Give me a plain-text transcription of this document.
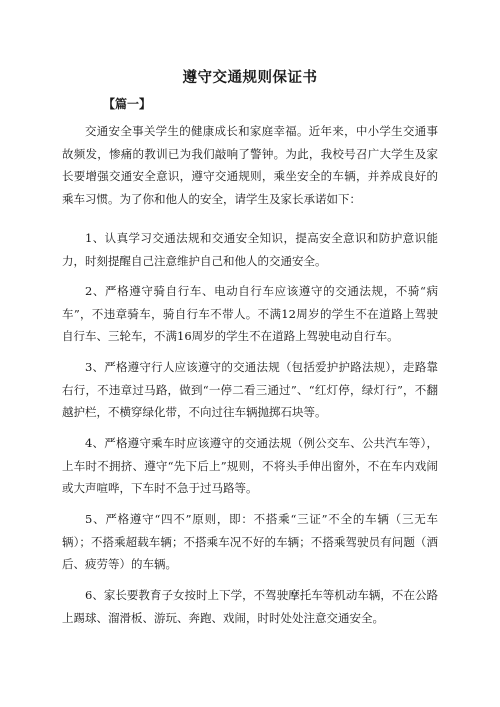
遵守交通规则保证书
【篇一】

交通安全事关学生的健康成长和家庭幸福。近年来，中小学生交通事故频发，惨痛的教训已为我们敲响了警钟。为此，我校号召广大学生及家长要增强交通安全意识，遵守交通规则，乘坐安全的车辆，并养成良好的乘车习惯。为了你和他人的安全，请学生及家长承诺如下：

1、认真学习交通法规和交通安全知识，提高安全意识和防护意识能力，时刻提醒自己注意维护自己和他人的交通安全。

2、严格遵守骑自行车、电动自行车应该遵守的交通法规，不骑“病车”，不违章骑车，骑自行车不带人。不满12周岁的学生不在道路上驾驶自行车、三轮车，不满16周岁的学生不在道路上驾驶电动自行车。

3、严格遵守行人应该遵守的交通法规（包括爱护护路法规），走路靠右行，不违章过马路，做到“一停二看三通过”、“红灯停，绿灯行”，不翻越护栏，不横穿绿化带，不向过往车辆抛掷石块等。

4、严格遵守乘车时应该遵守的交通法规（例公交车、公共汽车等），上车时不拥挤、遵守“先下后上”规则，不将头手伸出窗外，不在车内戏闹或大声喧哗，下车时不急于过马路等。

5、严格遵守“四不”原则，即：不搭乘“三证”不全的车辆（三无车辆）；不搭乘超载车辆；不搭乘车况不好的车辆；不搭乘驾驶员有问题（酒后、疲劳等）的车辆。

6、家长要教育子女按时上下学，不驾驶摩托车等机动车辆，不在公路上踢球、溜滑板、游玩、奔跑、戏闹，时时处处注意交通安全。
